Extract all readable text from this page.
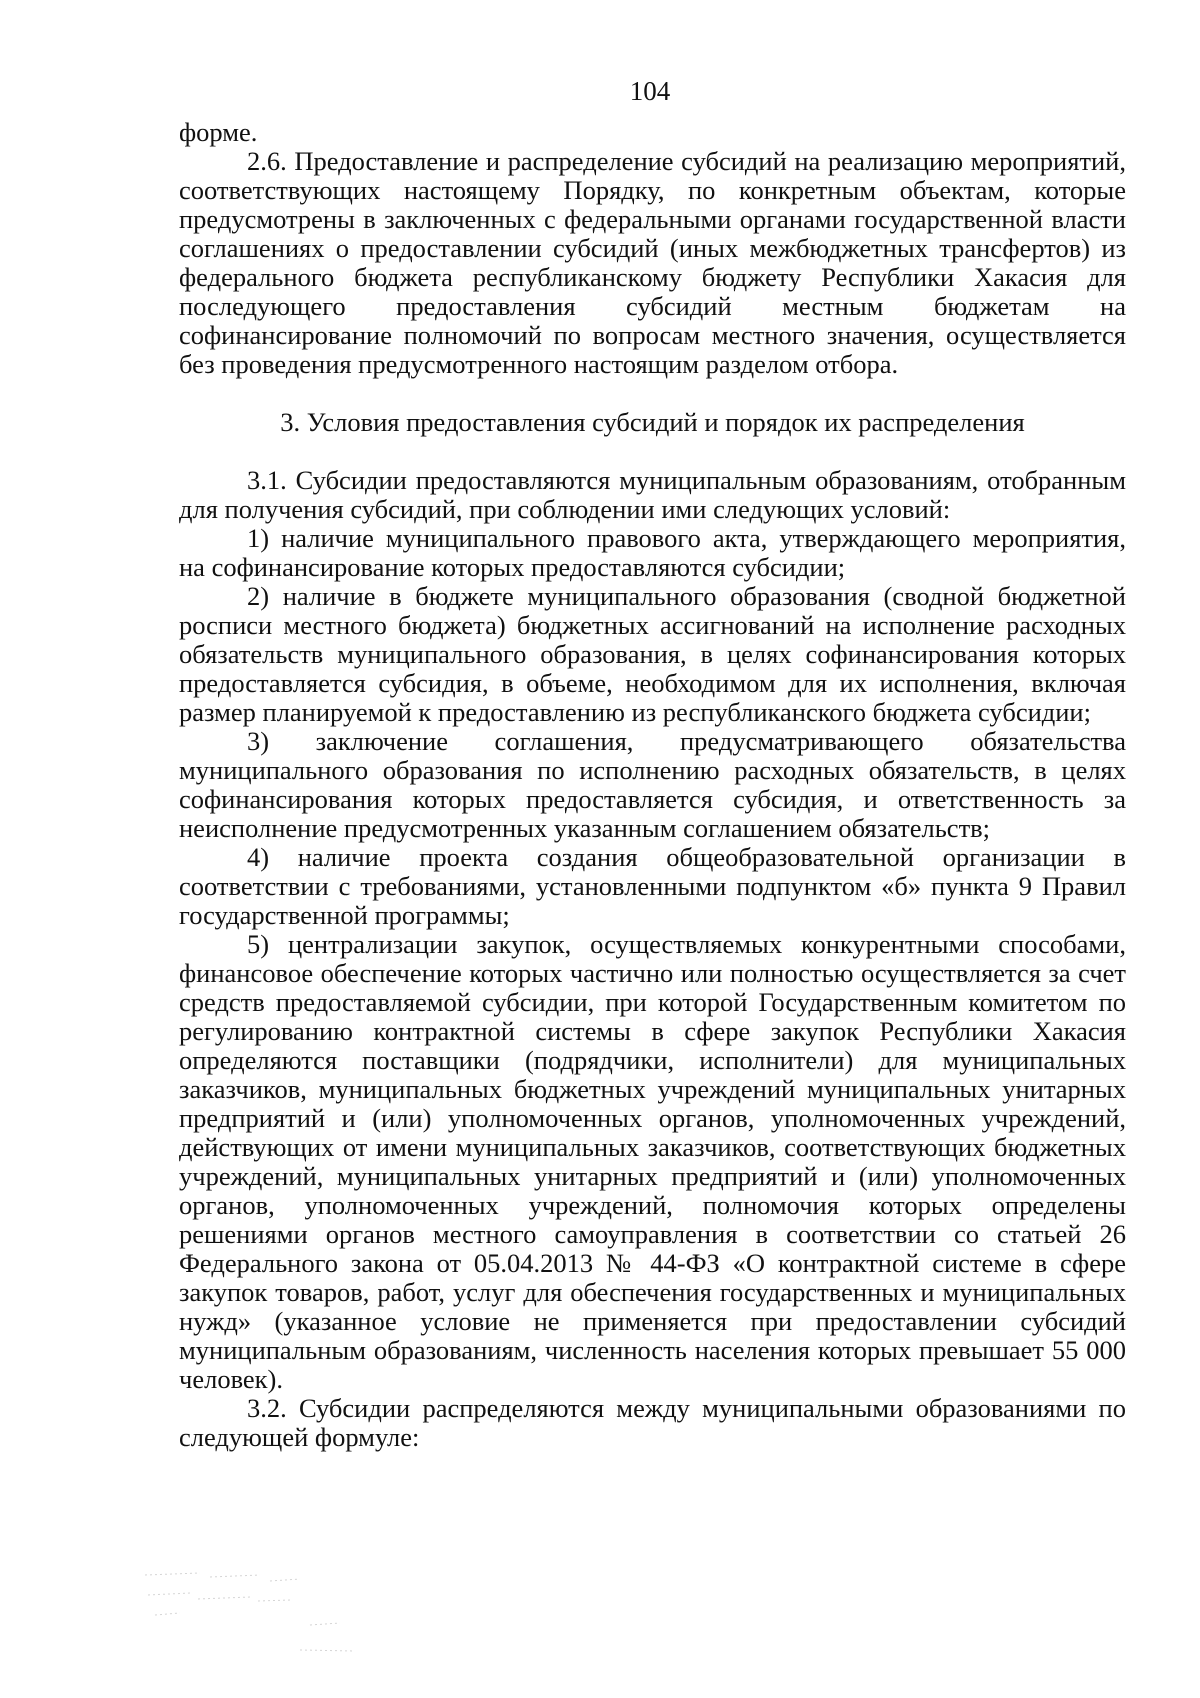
104

форме.

2.6. Предоставление и распределение субсидий на реализацию мероприятий, соответствующих настоящему Порядку, по конкретным объектам, которые предусмотрены в заключенных с федеральными органами государственной власти соглашениях о предоставлении субсидий (иных межбюджетных трансфертов) из федерального бюджета республиканскому бюджету Республики Хакасия для последующего предоставления субсидий местным бюджетам на софинансирование полномочий по вопросам местного значения, осуществляется без проведения предусмотренного настоящим разделом отбора.

3. Условия предоставления субсидий и порядок их распределения

3.1. Субсидии предоставляются муниципальным образованиям, отобранным для получения субсидий, при соблюдении ими следующих условий:

1) наличие муниципального правового акта, утверждающего мероприятия, на софинансирование которых предоставляются субсидии;

2) наличие в бюджете муниципального образования (сводной бюджетной росписи местного бюджета) бюджетных ассигнований на исполнение расходных обязательств муниципального образования, в целях софинансирования которых предоставляется субсидия, в объеме, необходимом для их исполнения, включая размер планируемой к предоставлению из республиканского бюджета субсидии;

3) заключение соглашения, предусматривающего обязательства муниципального образования по исполнению расходных обязательств, в целях софинансирования которых предоставляется субсидия, и ответственность за неисполнение предусмотренных указанным соглашением обязательств;

4) наличие проекта создания общеобразовательной организации в соответствии с требованиями, установленными подпунктом «б» пункта 9 Правил государственной программы;

5) централизации закупок, осуществляемых конкурентными способами, финансовое обеспечение которых частично или полностью осуществляется за счет средств предоставляемой субсидии, при которой Государственным комитетом по регулированию контрактной системы в сфере закупок Республики Хакасия определяются поставщики (подрядчики, исполнители) для муниципальных заказчиков, муниципальных бюджетных учреждений муниципальных унитарных предприятий и (или) уполномоченных органов, уполномоченных учреждений, действующих от имени муниципальных заказчиков, соответствующих бюджетных учреждений, муниципальных унитарных предприятий и (или) уполномоченных органов, уполномоченных учреждений, полномочия которых определены решениями органов местного самоуправления в соответствии со статьей 26 Федерального закона от 05.04.2013 № 44-ФЗ «О контрактной системе в сфере закупок товаров, работ, услуг для обеспечения государственных и муниципальных нужд» (указанное условие не применяется при предоставлении субсидий муниципальным образованиям, численность населения которых превышает 55 000 человек).

3.2. Субсидии распределяются между муниципальными образованиями по следующей формуле:
